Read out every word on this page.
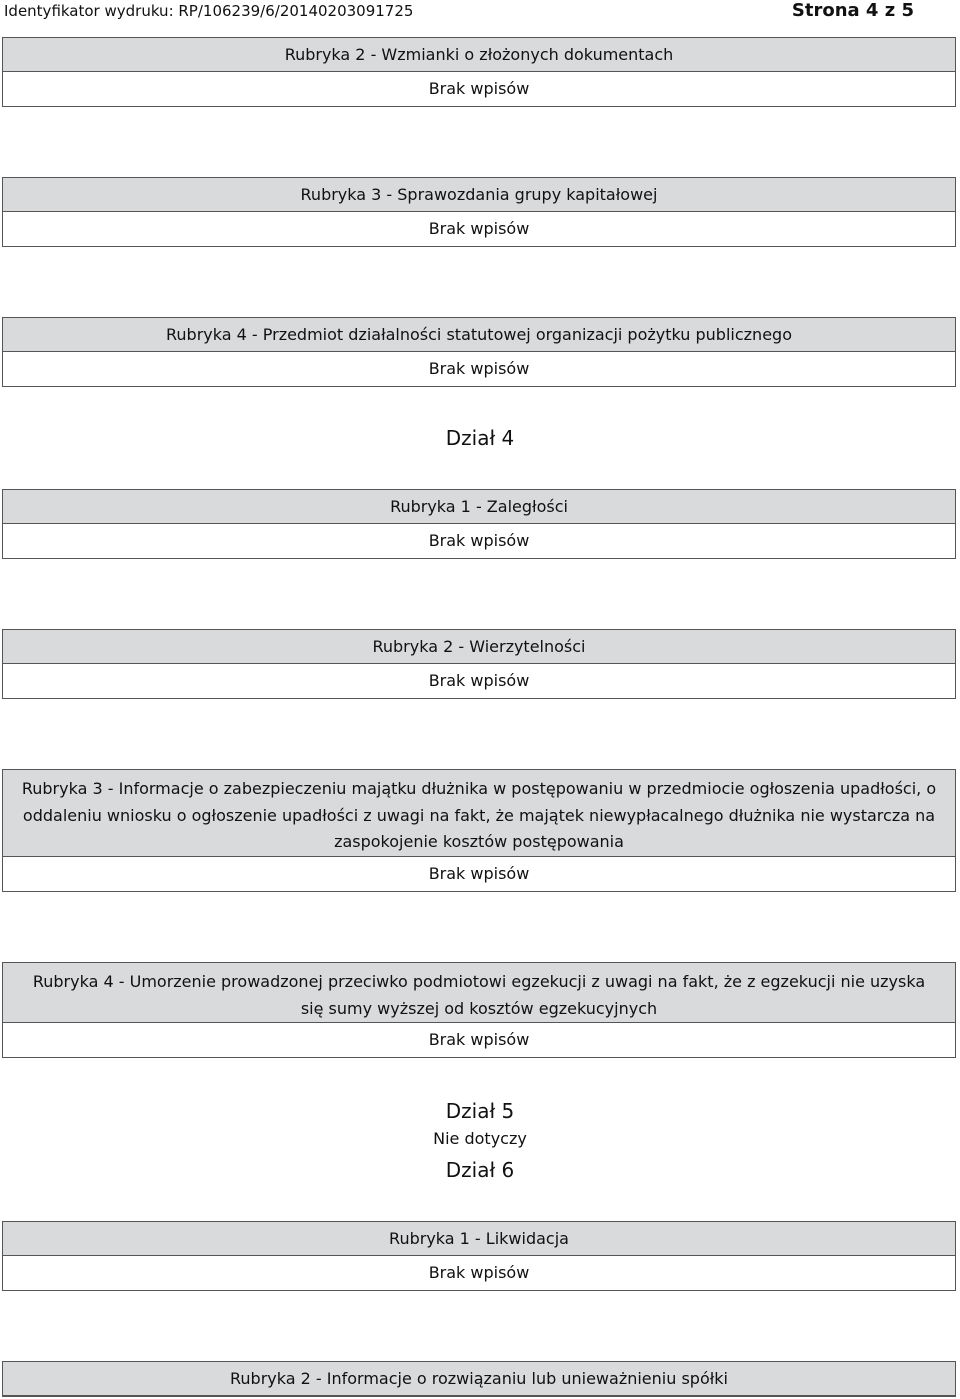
Identyfikator wydruku: RP/106239/6/20140203091725	Strona 4 z 5
Rubryka 2 - Wzmianki o złożonych dokumentach
Brak wpisów
Rubryka 3 - Sprawozdania grupy kapitałowej
Brak wpisów
Rubryka 4 - Przedmiot działalności statutowej organizacji pożytku publicznego
Brak wpisów
Dział 4
Rubryka 1 - Zaległości
Brak wpisów
Rubryka 2 - Wierzytelności
Brak wpisów
Rubryka 3 - Informacje o zabezpieczeniu majątku dłużnika w postępowaniu w przedmiocie ogłoszenia upadłości, o oddaleniu wniosku o ogłoszenie upadłości z uwagi na fakt, że majątek niewypłacalnego dłużnika nie wystarcza na zaspokojenie kosztów postępowania
Brak wpisów
Rubryka 4 - Umorzenie prowadzonej przeciwko podmiotowi egzekucji z uwagi na fakt, że z egzekucji nie uzyska się sumy wyższej od kosztów egzekucyjnych
Brak wpisów
Dział 5
Nie dotyczy
Dział 6
Rubryka 1 - Likwidacja
Brak wpisów
Rubryka 2 - Informacje o rozwiązaniu lub unieważnieniu spółki
